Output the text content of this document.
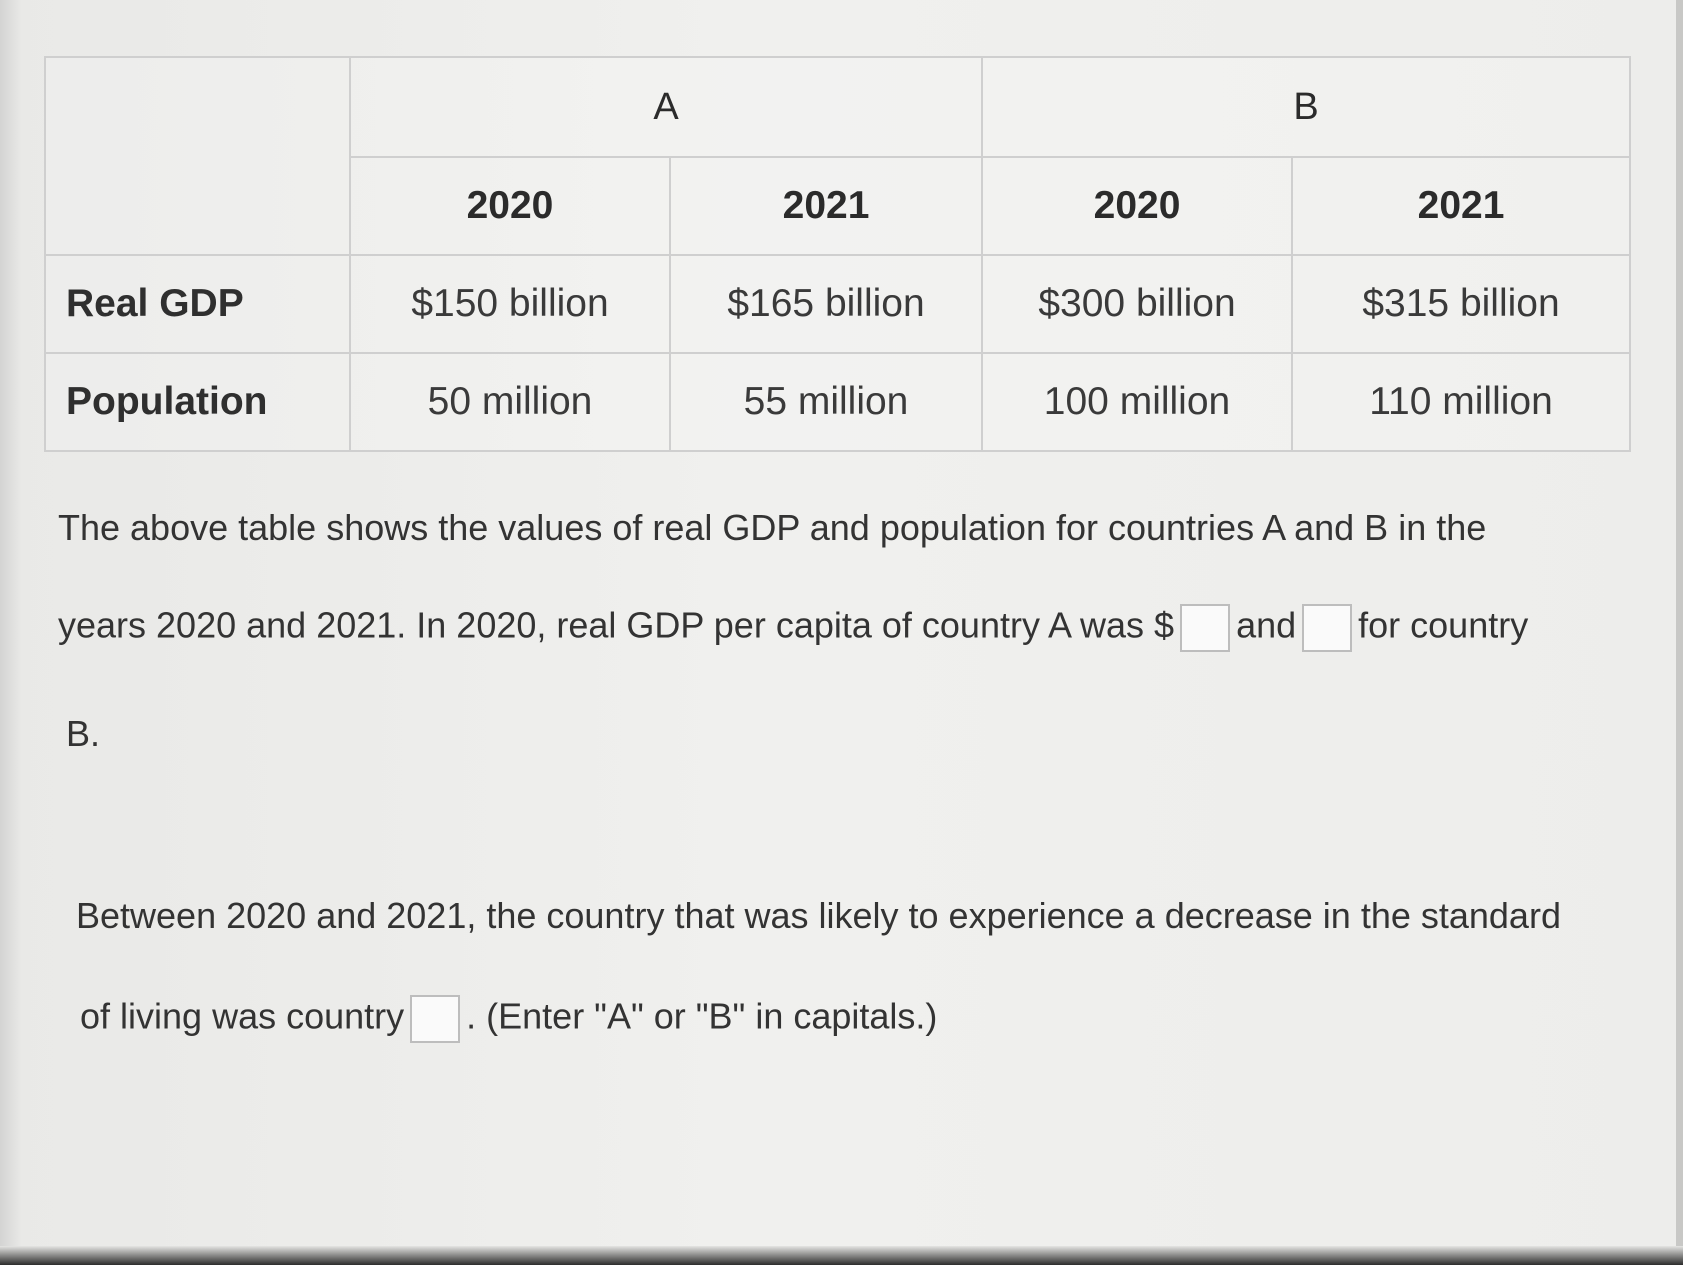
	A		B	
	2020	2021	2020	2021
Real GDP	$150 billion	$165 billion	$300 billion	$315 billion
Population	50 million	55 million	100 million	110 million
The above table shows the values of real GDP and population for countries A and B in the
years 2020 and 2021. In 2020, real GDP per capita of country A was $ and for country
B.
Between 2020 and 2021, the country that was likely to experience a decrease in the standard
of living was country . (Enter "A" or "B" in capitals.)
